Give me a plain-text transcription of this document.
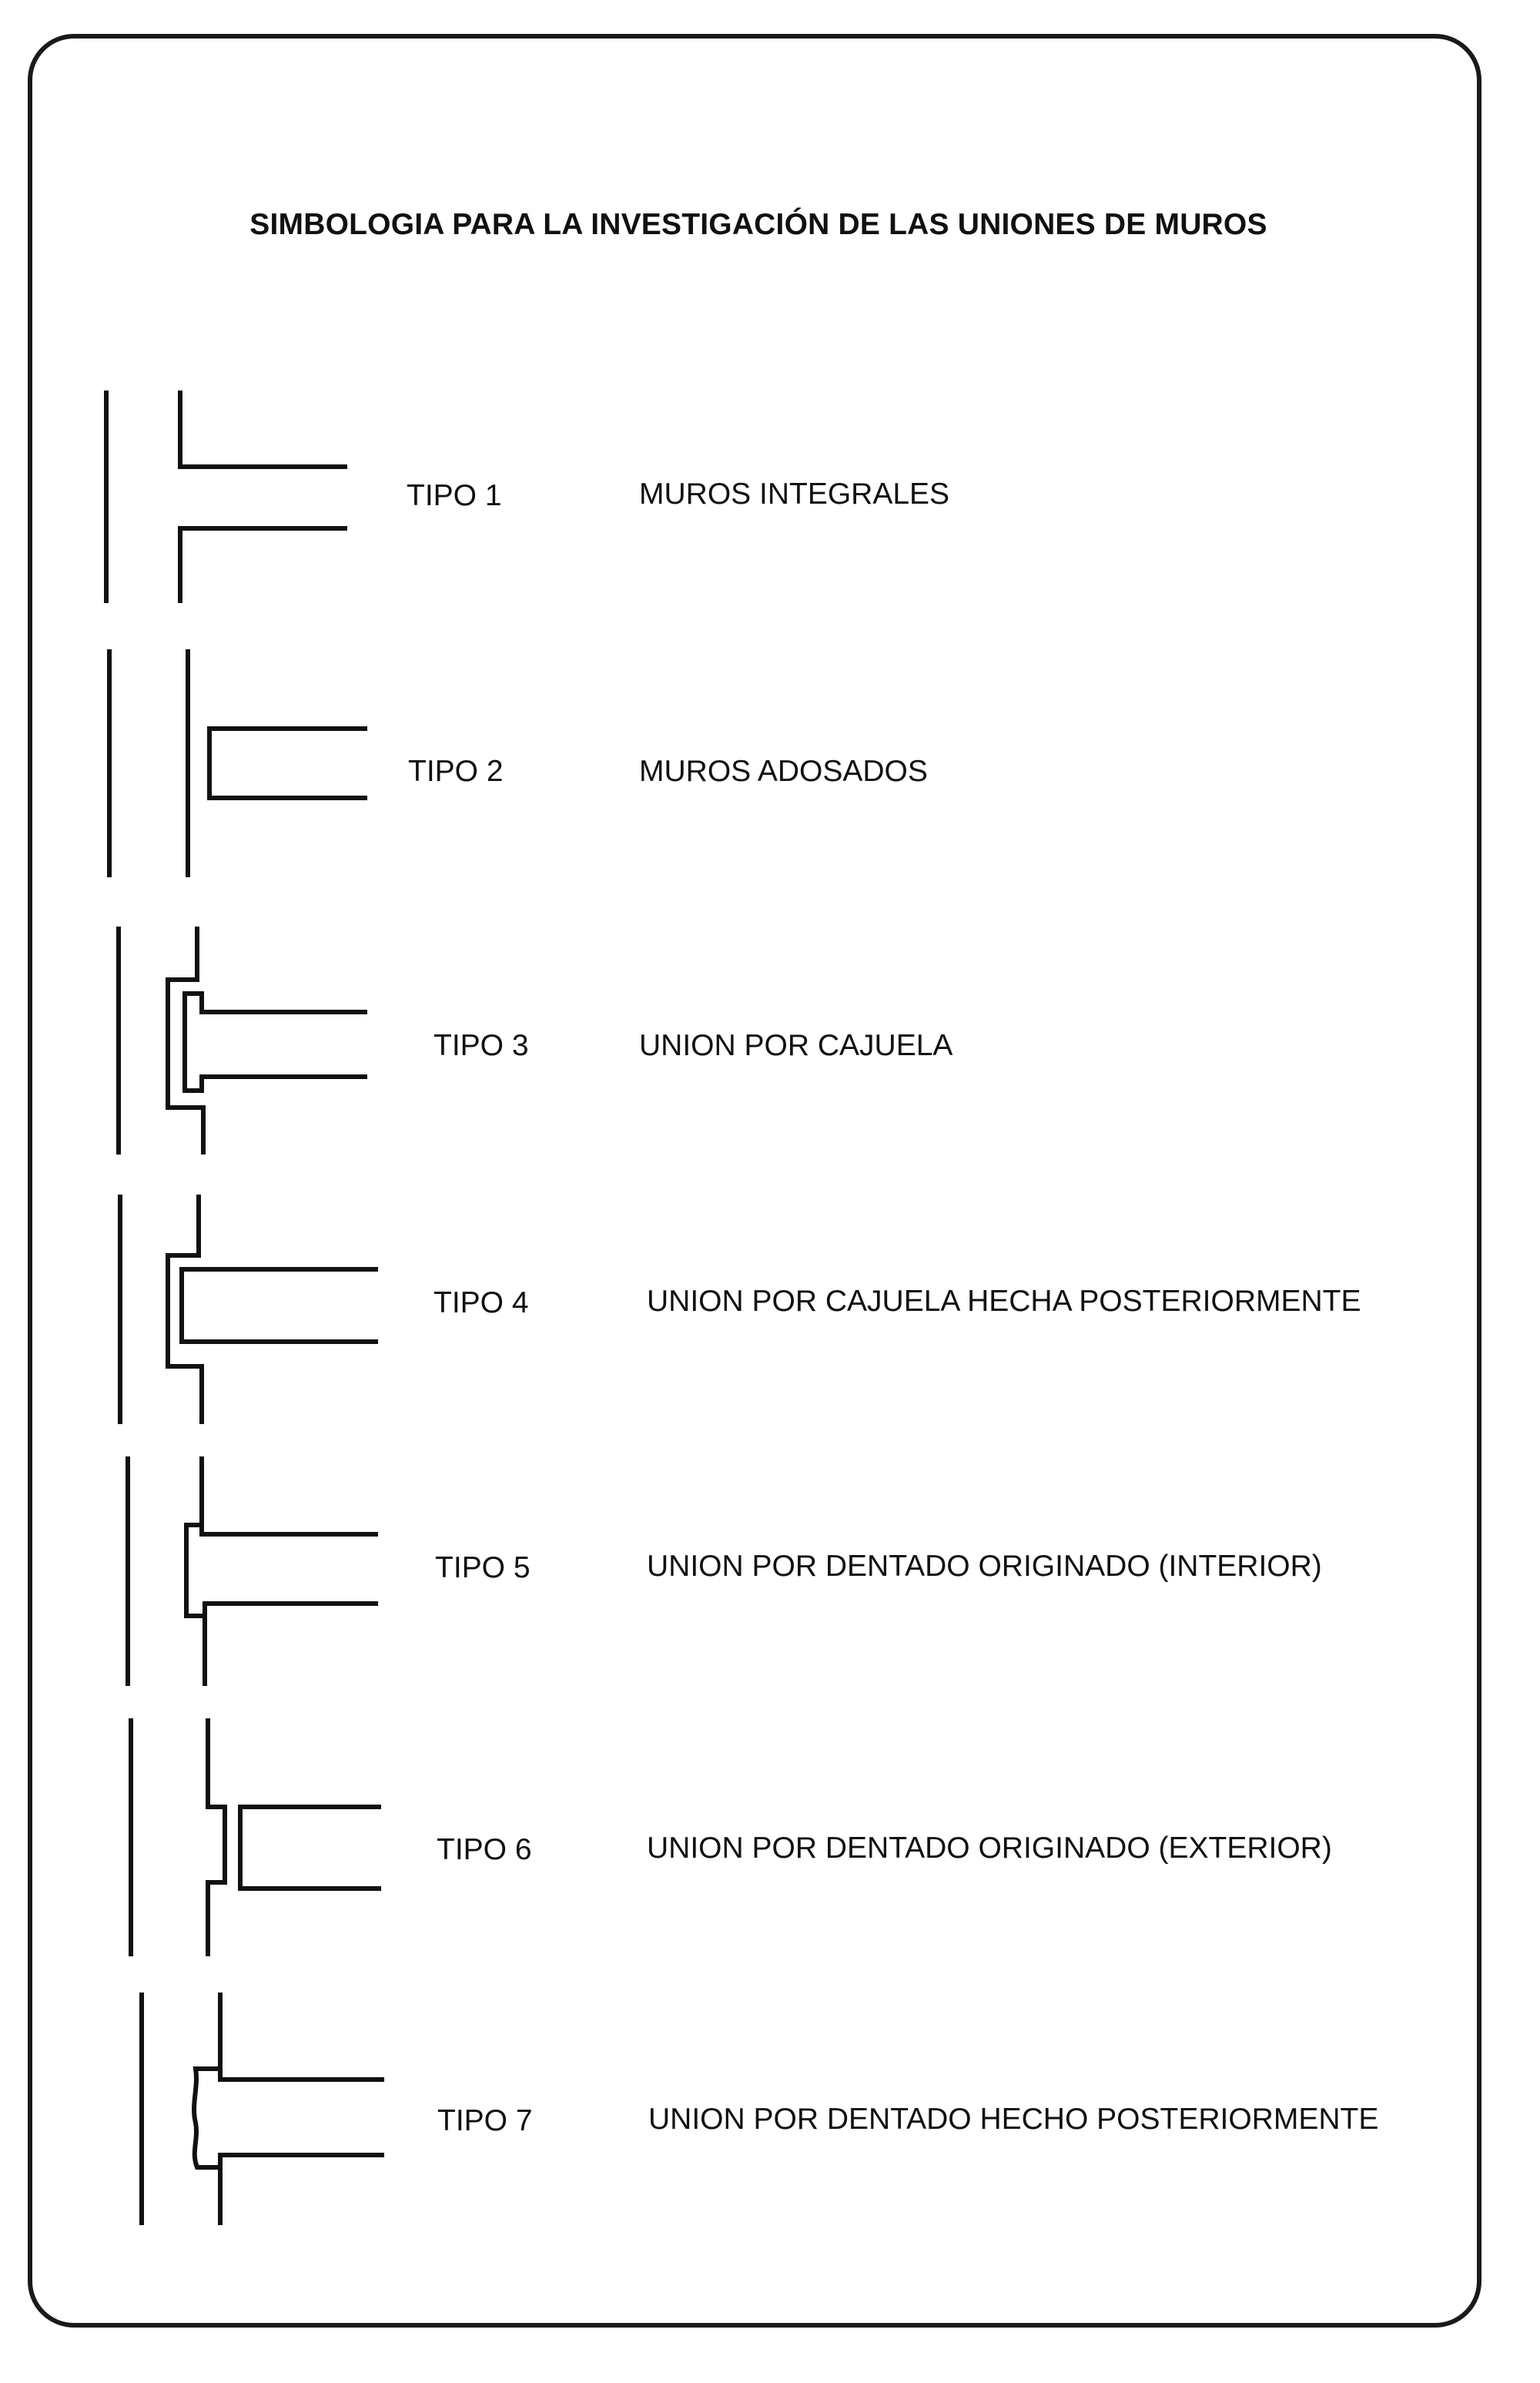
SIMBOLOGIA PARA LA INVESTIGACIÓN DE LAS UNIONES DE MUROS
TIPO 1	MUROS INTEGRALES
TIPO 2	MUROS ADOSADOS
TIPO 3	UNION POR CAJUELA
TIPO 4	UNION POR CAJUELA HECHA POSTERIORMENTE
TIPO 5	UNION POR DENTADO ORIGINADO (INTERIOR)
TIPO 6	UNION POR DENTADO ORIGINADO (EXTERIOR)
TIPO 7	UNION POR DENTADO HECHO POSTERIORMENTE
